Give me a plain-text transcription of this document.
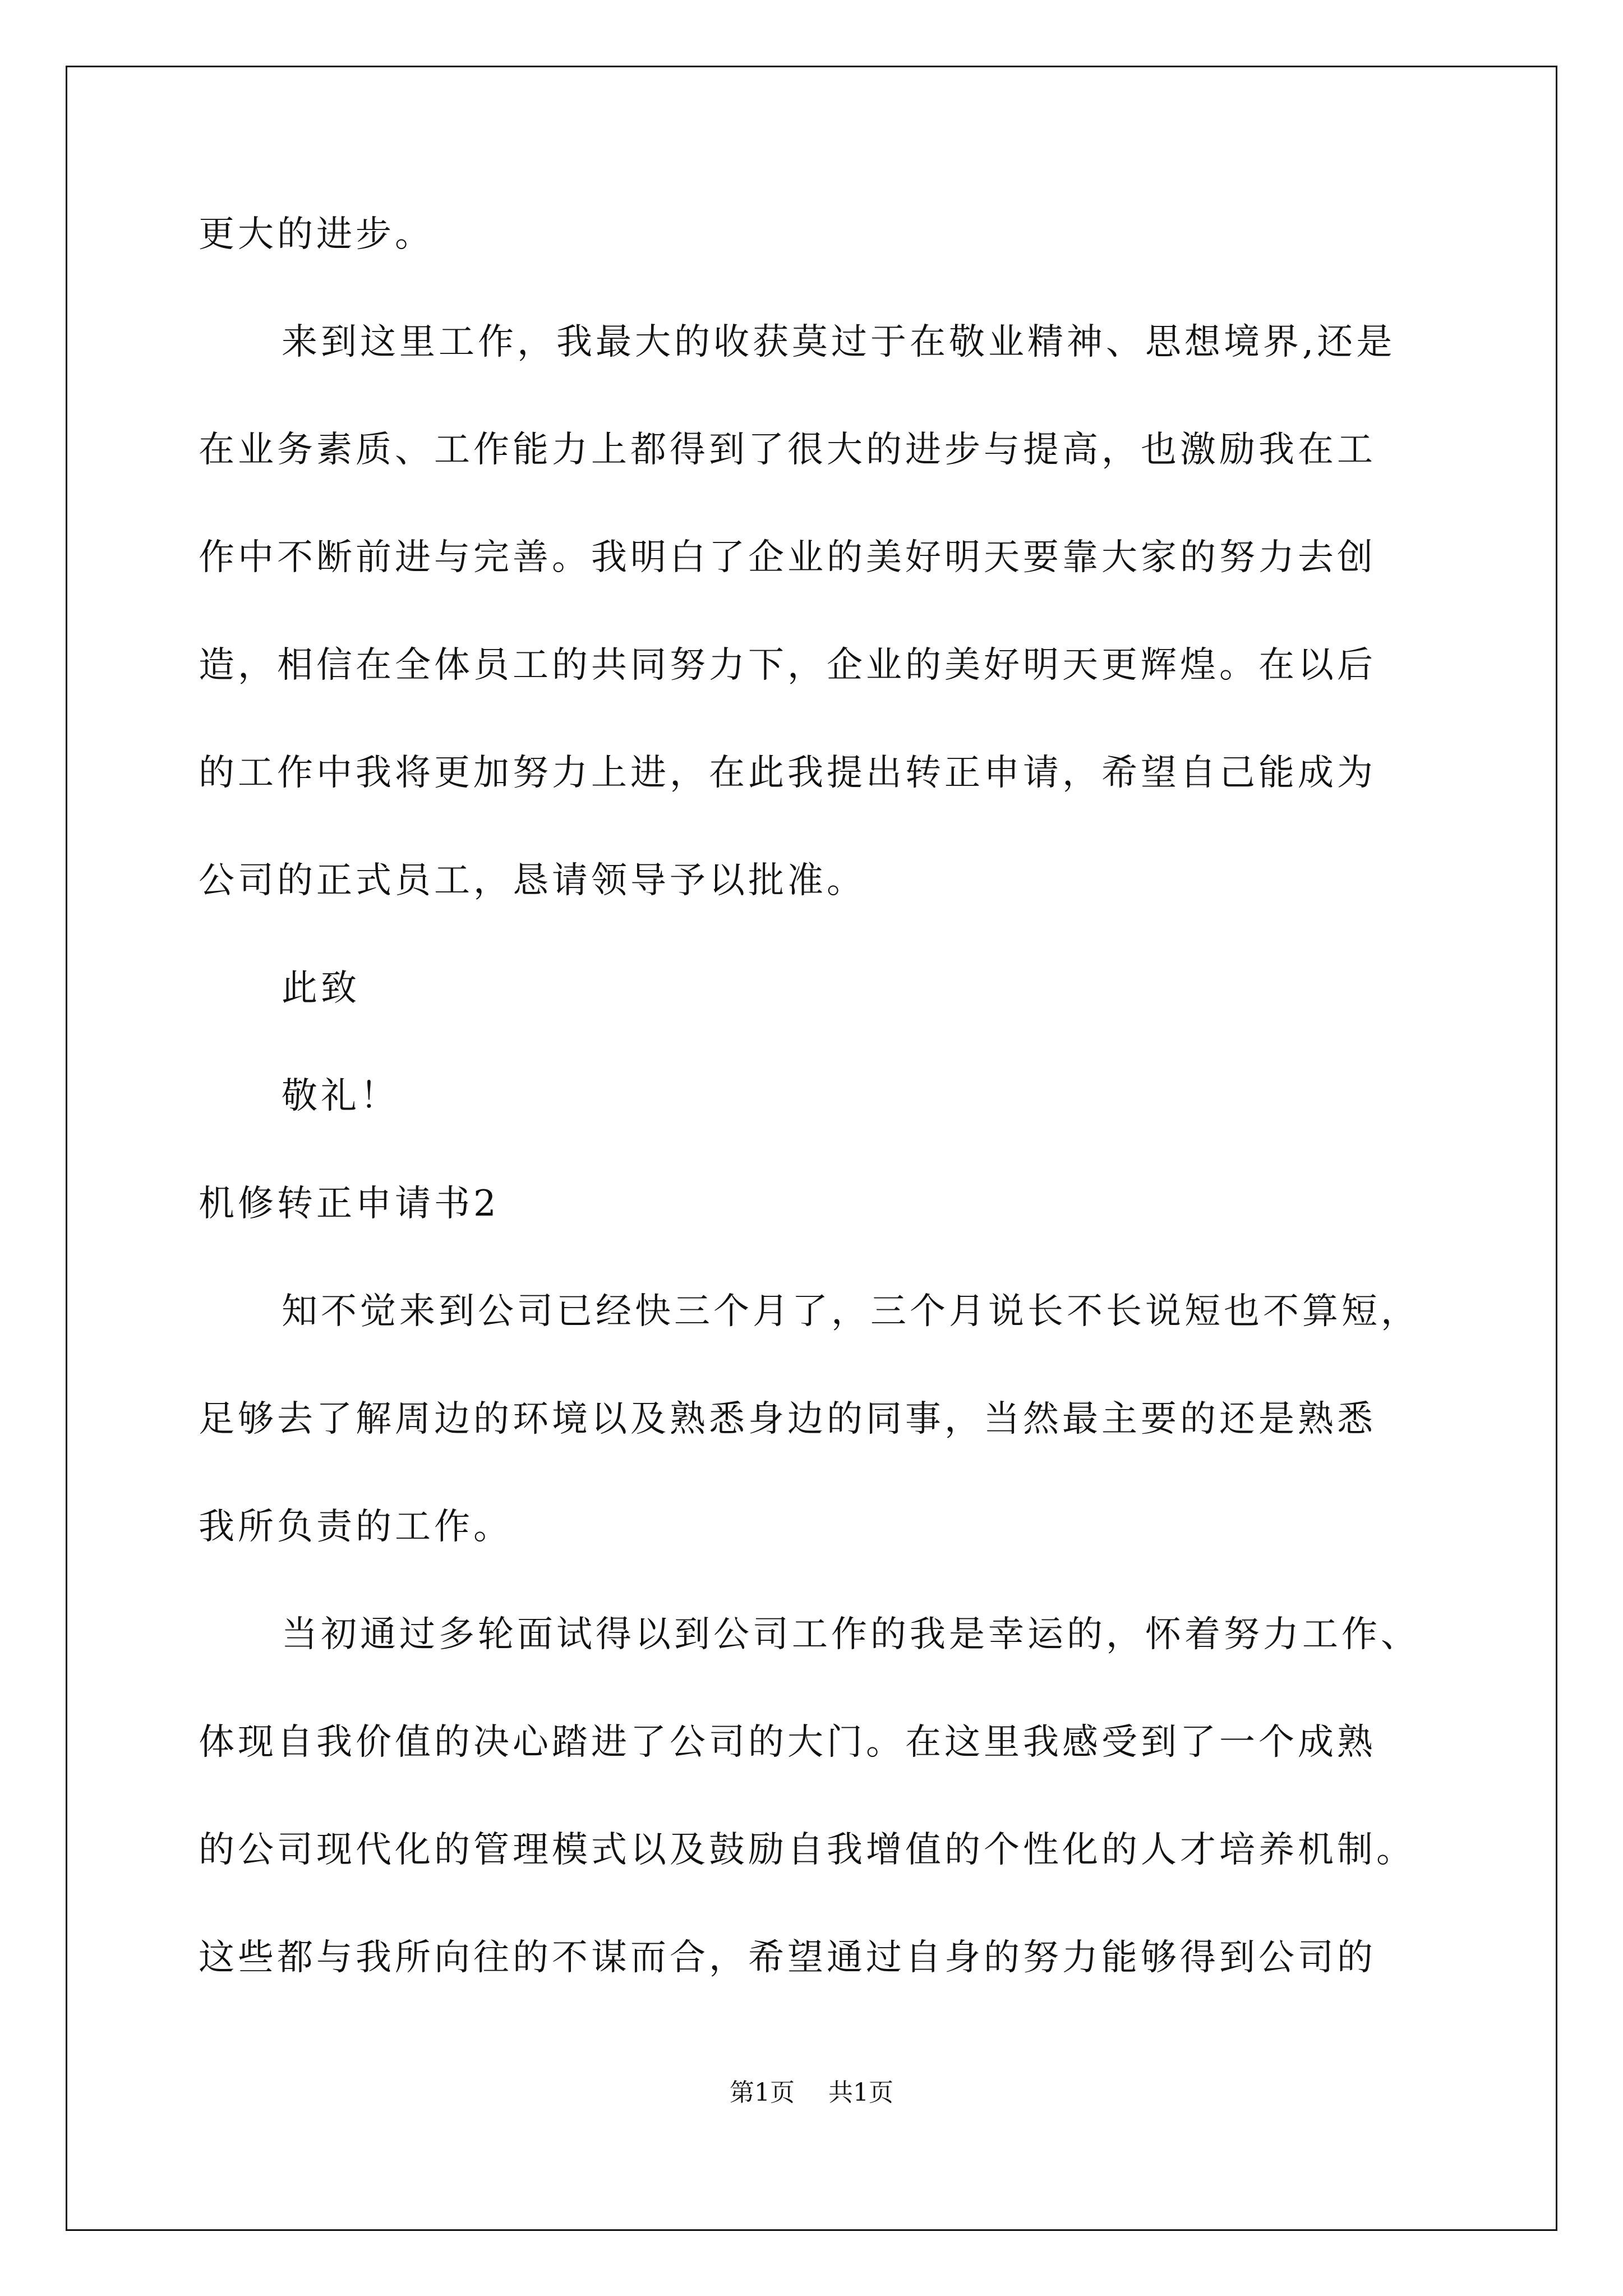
更大的进步。
来到这里工作，我最大的收获莫过于在敬业精神、思想境界,还是
在业务素质、工作能力上都得到了很大的进步与提高，也激励我在工
作中不断前进与完善。我明白了企业的美好明天要靠大家的努力去创
造，相信在全体员工的共同努力下，企业的美好明天更辉煌。在以后
的工作中我将更加努力上进，在此我提出转正申请，希望自己能成为
公司的正式员工，恳请领导予以批准。
此致
敬礼！
机修转正申请书2
知不觉来到公司已经快三个月了，三个月说长不长说短也不算短，
足够去了解周边的环境以及熟悉身边的同事，当然最主要的还是熟悉
我所负责的工作。
当初通过多轮面试得以到公司工作的我是幸运的，怀着努力工作、
体现自我价值的决心踏进了公司的大门。在这里我感受到了一个成熟
的公司现代化的管理模式以及鼓励自我增值的个性化的人才培养机制。
这些都与我所向往的不谋而合，希望通过自身的努力能够得到公司的
第1页 共1页
